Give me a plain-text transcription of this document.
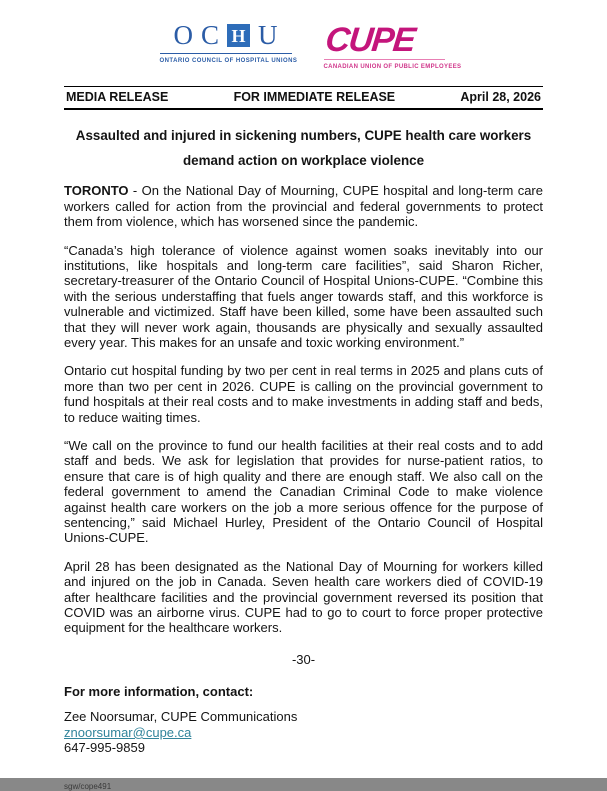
O C H U
ONTARIO COUNCIL OF HOSPITAL UNIONS
CUPE
CANADIAN UNION OF PUBLIC EMPLOYEES
MEDIA RELEASE	FOR IMMEDIATE RELEASE	April 28, 2026
Assaulted and injured in sickening numbers, CUPE health care workers
demand action on workplace violence

TORONTO - On the National Day of Mourning, CUPE hospital and long-term care workers called for action from the provincial and federal governments to protect them from violence, which has worsened since the pandemic.

“Canada’s high tolerance of violence against women soaks inevitably into our institutions, like hospitals and long-term care facilities”, said Sharon Richer, secretary-treasurer of the Ontario Council of Hospital Unions-CUPE. “Combine this with the serious understaffing that fuels anger towards staff, and this workforce is vulnerable and victimized. Staff have been killed, some have been assaulted such that they will never work again, thousands are physically and sexually assaulted every year. This makes for an unsafe and toxic working environment.”

Ontario cut hospital funding by two per cent in real terms in 2025 and plans cuts of more than two per cent in 2026. CUPE is calling on the provincial government to fund hospitals at their real costs and to make investments in adding staff and beds, to reduce waiting times.

“We call on the province to fund our health facilities at their real costs and to add staff and beds. We ask for legislation that provides for nurse-patient ratios, to ensure that care is of high quality and there are enough staff. We also call on the federal government to amend the Canadian Criminal Code to make violence against health care workers on the job a more serious offence for the purpose of sentencing,” said Michael Hurley, President of the Ontario Council of Hospital Unions-CUPE.

April 28 has been designated as the National Day of Mourning for workers killed and injured on the job in Canada. Seven health care workers died of COVID-19 after healthcare facilities and the provincial government reversed its position that COVID was an airborne virus. CUPE had to go to court to force proper protective equipment for the healthcare workers.

-30-
For more information, contact:
Zee Noorsumar, CUPE Communications
znoorsumar@cupe.ca
647-995-9859
sgw/cope491
